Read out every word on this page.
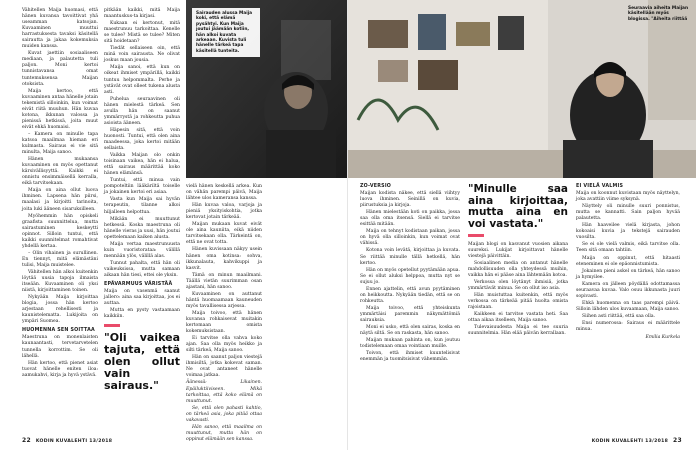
Vähitellen Maija huomasi, että hänen kuvansa tavoittivat yhä useamman katsojan. Kuvaaminen muuttui harrastuksesta tavaksi käsitellä sairautta ja jakaa kokemuksia muiden kanssa.

Kuvat jaettiin sosiaaliseen mediaan, ja palautetta tuli paljon. Moni kertoi tunnistavansa omat tuntemuksensa Maijan otoksista.

Maija kertoo, että kuvaaminen antaa hänelle jotain tekemistä silloinkin, kun voimat eivät riitä muuhun. Hän kuvaa kotona, ikkunan valossa ja pienissä hetkissä, joita muut eivät ehkä huomaisi.

– Kamera on minulle tapa katsoa maailmaa hieman eri kulmasta. Sairaus ei vie sitä minulta, Maija sanoo.

Hänen mukaansa kuvaaminen on myös opettanut kärsivällisyyttä. Kaikki ei onnistu ensimmäisellä kerralla, eikä tarvitsekaan.

Maija on aina ollut luova ihminen. Lapsena hän piirsi, maalasi ja kirjoitti tarinoita, joita luki ääneen sisaruksilleen.

Myöhemmin hän opiskeli graafista suunnittelua, mutta sairastuminen keskeytti opinnot. Silloin tuntui, että kaikki suunnitelmat romahtivat yhdellä kertaa.

– Olin vihainen ja surullinen. En tiennyt, mitä elämästäni tulisi, Maija muistelee.

Vähitellen hän alkoi kuitenkin löytää uusia tapoja ilmaista itseään. Kuvaaminen oli yksi niistä, kirjoittaminen toinen.

Nykyään Maija kirjoittaa blogia, jossa hän kertoo arjestaan rehellisesti ja kaunistelematta. Lukijoita on ympäri Suomea.

HUOMENNA SEN SOITTAA

Maestruna on monenlaisten kaunaantasti, tervetarvetelen tunnella korrottim. Se oli lähellä.

Hän kertoo, että pienet asiat tuovat hänelle eniten iloa: aamukahvi, kirja ja hyvä ystävä.

pitkään kaikki, mitä Maija maantuskus-ta kirjasi.

Kukaan ei kertonut, mitä maestrunuu tarkoittaa. Kenelle se tulee? Mistä se tulee? Miten sitä hoidetaan?

Tiedät sellaiseen oin, että minä voin sairausta. Ne olivat joskus maan jousia.

Maija sanoi, että kun on oikeat ihmiset ympärillä, kaikki tuntuu helpommalta. Perhe ja ystävät ovat olleet tukena alusta asti.

Puhelua seuraavinen oli hänen mielestä tärkeä. Sen avulla hän on saanut ymmärrystä ja rohkeutta puhua asioista ääneen.

Häpesin sitä, että voin huonosti. Tuntui, että olen aina maadeessa, joka kertoi mitään sellaista.

Vaikka Maijan olo onkin toisinaan vaikea, hän ei halua, että sairaus määrittää koko hänen elämänsä.

Tuntui, että minua vain pompoteltiin lääkäriltä toiselle ja jokainen kertoi eri asiaa.

Vasta kun Maija sai hyvän terapeutin, tilanne alkoi hiljalleen helpottua.

Mikään ei muuttunut hetkessä. Koska maestruna oli hänelle vieras ja uusi, hän joutui opettelemaan kaiken alusta.

Maija vertaa maestrunuusta kuin vuoristorataa: välillä mennään ylös, välillä alas.

Tunnut pahalta, että hän oli vaikeuksissa, mutta samaan aikaan hän tiesi, ettei ole yksin.

EPÄVARMUUS VÄRISTÄÄ

Maija on vasenmä saanut jallero: aina saa kirjoittaa, jos ei auttaa.

Mutta en pysty vastaamaan kaikkiin.

"Oli vaikea tajuta, että olen ollut vain sairaus."

vielä hänen keskellä arkea. Kun on vähän parempi päivä, Maija lähtee ulos kameransa kanssa.

Hän kuvaa valoa, varjoja ja pieniä yksityiskohtia, jotka kertovat jotain tärkeää.

Maijan mukaan kuvat eivät ole aina kauniita, eikä niiden tarvitsekaan olla. Tärkeintä on, että ne ovat totta.

Hänen kuvissaan näkyy usein hänen oma kotinsa: sohva, ikkunalauta, kahvikuppi ja kasvit.

Tämä on minun maailmani. Täällä vietän suurimman osan ajastani, hän sanoo.

Kuvaaminen on auttanut häntä huomaamaan kauneuden myös tavallisessa arjessa.

Maija toivoo, että hänen kuvansa rohkaisevat muitakin kertomaan omista kokemuksistaan.

Ei tarvitse olla vahva koko ajan. Saa olla myös heikko ja silti tärkeä, Maija sanoo.

Hän on saanut paljon viestejä ihmisiltä, jotka kokevat saman. Ne ovat antaneet hänelle voimaa jatkaa.

Äänessä: Likainen. Epäiluktiiviseen. Mikä tarkoittaa, että koko elämä on muuttunut.

Se, että olen pahasti kahtio, on tärkeä asia, joka pitää ottaa vakavasti.

Hän sanoo, että maailma on muuttunut, mutta hän on oppinut elämään sen kanssa.

Sairauden alussa Maija koki, että elämä pysähtyi. Kun Maija joutui jäämään kotiin, hän alkoi kuvata arkeaan. Kuvista tuli hänelle tärkeä tapa käsitellä tunteita.
22 KODIN KUVALEHTI 13/2018
Seuraavia aiheita Maijan käsitellään myös blogissa. "Aiheita riittää
ZO-VERSIO

Maijan kodista näkee, että siellä viihtyy luova ihminen. Seinillä on kuvia, piirustuksia ja kirjoja.

Hänen mielestään koti on paikka, jossa saa olla oma itsensä. Siellä ei tarvitse esittää mitään.

Maija on tehnyt kodistaan paikan, jossa on hyvä olla silloinkin, kun voimat ovat vähissä.

Kotona voin levätä, kirjoittaa ja kuvata. Se riittää minulle tällä hetkellä, hän kertoo.

Hän on myös opetellut pyytämään apua. Se ei ollut aluksi helppoa, mutta nyt se sujuu jo.

Ennen ajattelin, että avun pyytäminen on heikkoutta. Nykyään tiedän, että se on rohkeutta.

Maija toivoo, että yhteiskunta ymmärtäisi paremmin näkymättömiä sairauksia.

Moni ei usko, että olen sairas, koska en näytä siltä. Se on raskasta, hän sanoo.

Maijan mukaan pahinta on, kun joutuu todistelemaan omaa vointiaan muille.

Toivon, että ihmiset kuuntelisivat enemmän ja tuomitsisivat vähemmän.

"Minulle saa aina kirjoittaa, mutta aina en voi vastata."

Maijan blogi on kasvanut vuosien aikana suureksi. Lukijat kirjoittavat hänelle viestejä päivittäin.

Sosiaalinen media on antanut hänelle mahdollisuuden olla yhteydessä muihin, vaikka hän ei pääse aina lähtemään kotoa.

Verkossa olen löytänyt ihmisiä, jotka ymmärtävät minua. Se on ollut iso asia.

Hän muistuttaa kuitenkin, että myös verkossa on tärkeää pitää huolta omista rajoistaan.

Kaikkeen ei tarvitse vastata heti. Saa ottaa aikaa itselleen, Maija sanoo.

Tulevaisuudesta Maija ei tee suuria suunnitelmia. Hän elää päivän kerrallaan.

EI VIELÄ VALMIS

Maija on koonnut kuvistaan myös näyttelyn, joka avattiin viime syksynä.

Näyttely oli minulle suuri ponnistus, mutta se kannatti. Sain paljon hyvää palautetta.

Hän haaveilee vielä kirjasta, johon kokoaisi kuvia ja tekstejä sairauden vuosilta.

Se ei ole vielä valmis, eikä tarvitse olla. Teen sitä omaan tahtiin.

Maija on oppinut, että hitaasti eteneminen ei ole epäonnistumista.

Jokainen pieni askel on tärkeä, hän sanoo ja hymyilee.

Kamera on jälleen pöydällä odottamassa seuraavaa kuvaa. Valo osuu ikkunasta juuri sopivasti.

Ehkä huomenna on taas parempi päivä. Silloin lähden ulos kuvaamaan, Maija sanoo.

Siihen asti riittää, että saa olla.

Ensi numerossa: Sairaus ei määrittele minua.

Emilia Kurkela

KODIN KUVALEHTI 13/2018 23
